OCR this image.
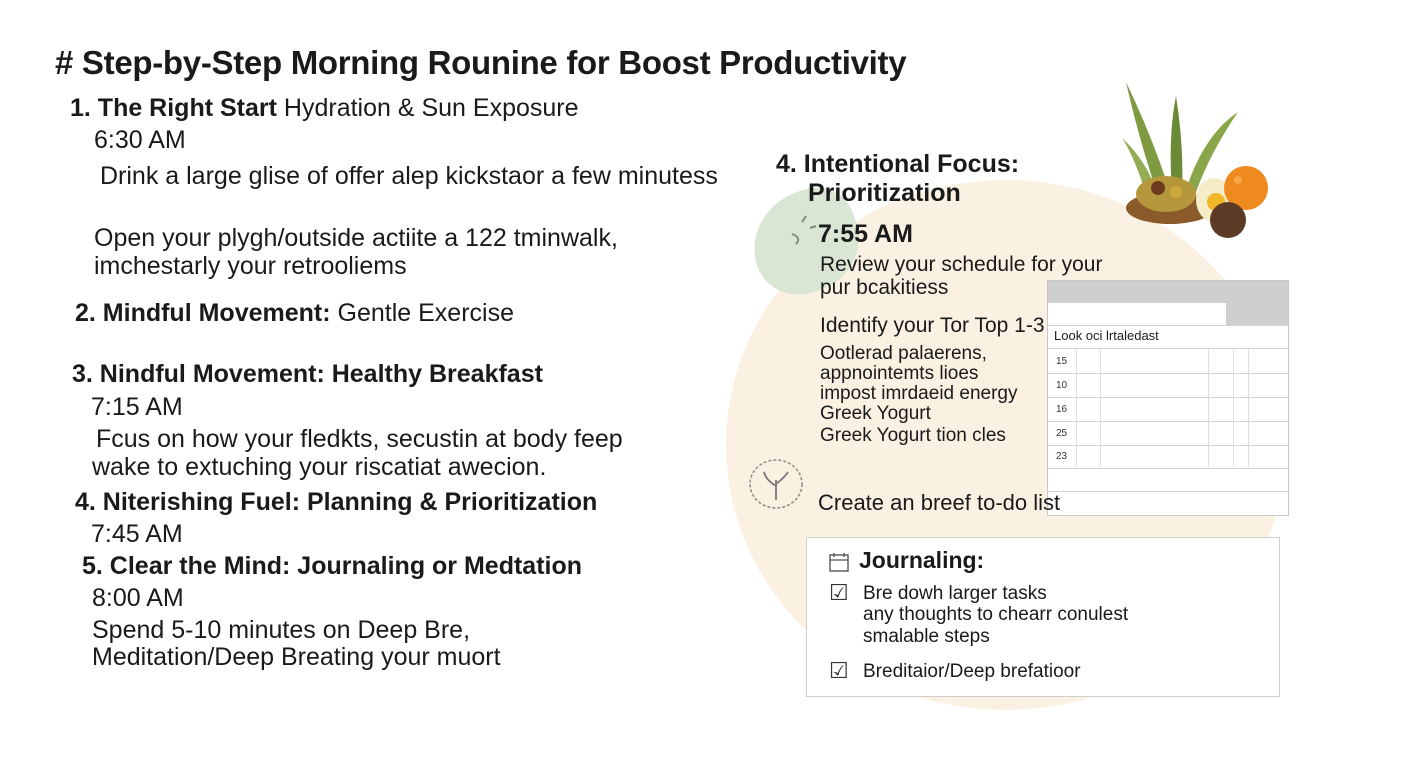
# Step-by-Step Morning Rounine for Boost Productivity
1. The Right Start Hydration & Sun Exposure
6:30 AM
Drink a large glise of offer alep kickstaor a few minutess
Open your plygh/outside actiite a 122 tminwalk,
imchestarly your retrooliems
2. Mindful Movement: Gentle Exercise
3. Nindful Movement: Healthy Breakfast
7:15 AM
Fcus on how your fledkts, secustin at body feep
wake to extuching your riscatiat awecion.
4. Niterishing Fuel: Planning & Prioritization
7:45 AM
5. Clear the Mind: Journaling or Medtation
8:00 AM
Spend 5-10 minutes on Deep Bre,
Meditation/Deep Breating your muort
4. Intentional Focus:
Prioritization
7:55 AM
Review your schedule for your
pur bcakitiess
Identify your Tor Top 1-3
Ootlerad palaerens,
appnointemts lioes
impost imrdaeid energy
Greek Yogurt
Greek Yogurt tion cles
Look oci lrtaledast
15
10
16
25
23
Create an breef to-do list
Journaling:
☑ Bre dowh larger tasks
any thoughts to chearr conulest
smalable steps
☑ Breditaior/Deep brefatioor
